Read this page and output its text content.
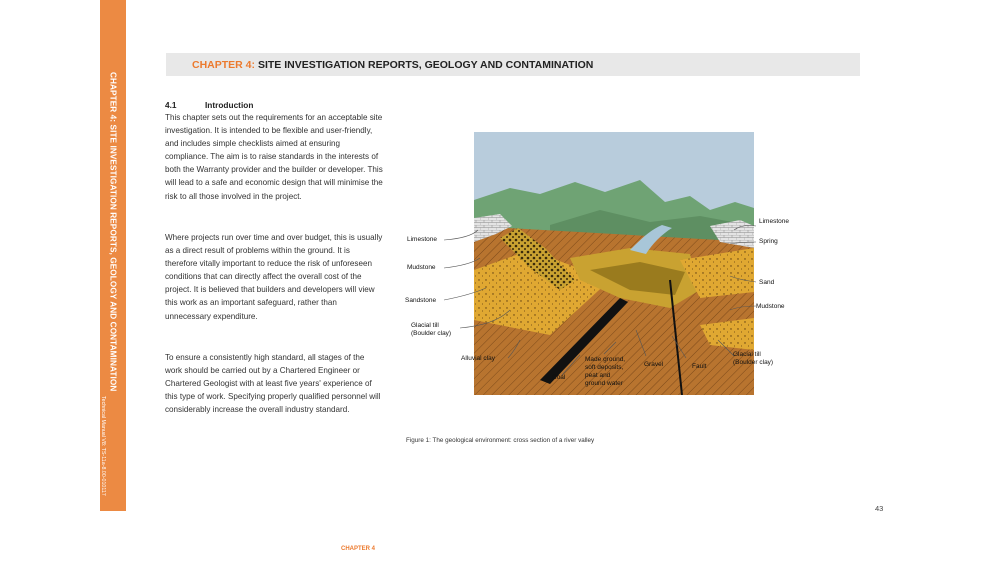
CHAPTER 4: SITE INVESTIGATION REPORTS, GEOLOGY AND CONTAMINATION
Technical Manual V8: TS-11a-8.00-010117
© LABC Warranty
CHAPTER 4: SITE INVESTIGATION REPORTS, GEOLOGY AND CONTAMINATION
4.1	Introduction
This chapter sets out the requirements for an acceptable site investigation. It is intended to be flexible and user-friendly, and includes simple checklists aimed at ensuring compliance. The aim is to raise standards in the interests of both the Warranty provider and the builder or developer. This will lead to a safe and economic design that will minimise the risk to all those involved in the project.
Where projects run over time and over budget, this is usually as a direct result of problems within the ground. It is therefore vitally important to reduce the risk of unforeseen conditions that can directly affect the overall cost of the project. It is believed that builders and developers will view this work as an important safeguard, rather than unnecessary expenditure.
To ensure a consistently high standard, all stages of the work should be carried out by a Chartered Engineer or Chartered Geologist with at least five years' experience of this type of work. Specifying properly qualified personnel will considerably increase the overall industry standard.
Limestone
Mudstone
Sandstone
Glacial till
(Boulder clay)
Alluvial clay
Coal
Made ground,
soft deposits,
peat and
ground water
Gravel	Fault
Glacial till
(Boulder clay)
Limestone
Spring
Sand
Mudstone
Figure 1: The geological environment: cross section of a river valley
43
CHAPTER 4
